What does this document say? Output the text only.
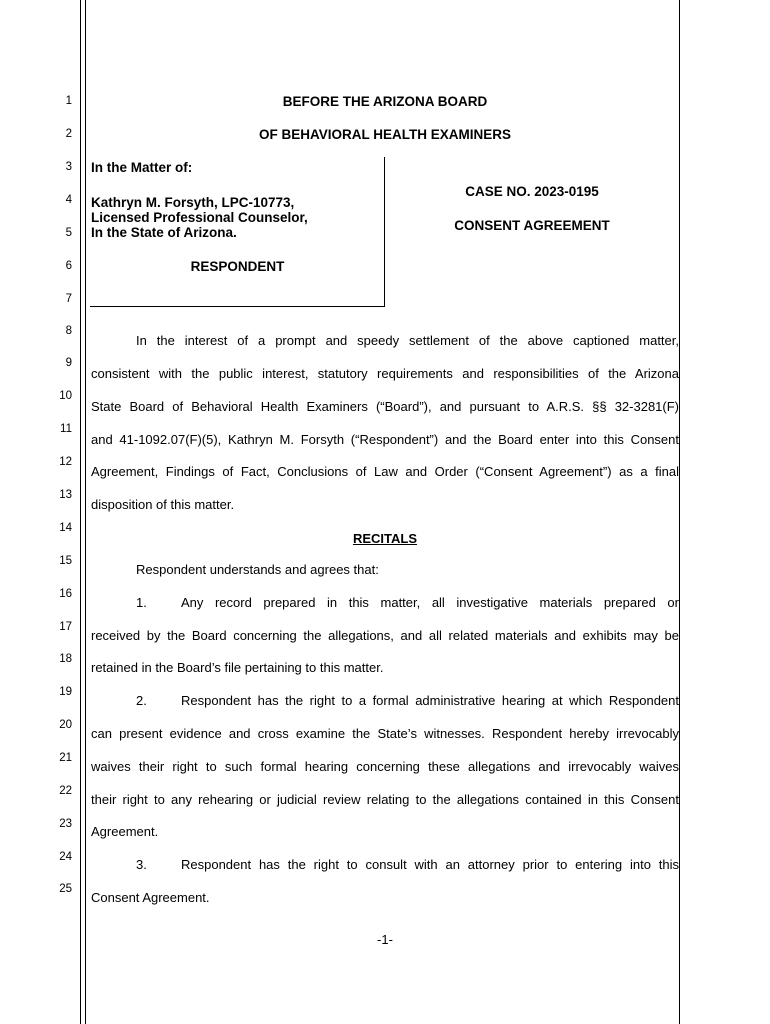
1
2
3
4
5
6
7
8
9
10
11
12
13
14
15
16
17
18
19
20
21
22
23
24
25
BEFORE THE ARIZONA BOARD
OF BEHAVIORAL HEALTH EXAMINERS
In the Matter of:
Kathryn M. Forsyth, LPC-10773,
Licensed Professional Counselor,
In the State of Arizona.
RESPONDENT
CASE NO. 2023-0195
CONSENT AGREEMENT
In the interest of a prompt and speedy settlement of the above captioned matter,
consistent with the public interest, statutory requirements and responsibilities of the Arizona
State Board of Behavioral Health Examiners (“Board”), and pursuant to A.R.S. §§ 32-3281(F)
and 41-1092.07(F)(5), Kathryn M. Forsyth (“Respondent”) and the Board enter into this Consent
Agreement, Findings of Fact, Conclusions of Law and Order (“Consent Agreement”) as a final
disposition of this matter.
RECITALS
Respondent understands and agrees that:
1.	Any record prepared in this matter, all investigative materials prepared or
received by the Board concerning the allegations, and all related materials and exhibits may be
retained in the Board’s file pertaining to this matter.
2.	Respondent has the right to a formal administrative hearing at which Respondent
can present evidence and cross examine the State’s witnesses. Respondent hereby irrevocably
waives their right to such formal hearing concerning these allegations and irrevocably waives
their right to any rehearing or judicial review relating to the allegations contained in this Consent
Agreement.
3.	Respondent has the right to consult with an attorney prior to entering into this
Consent Agreement.
-1-
